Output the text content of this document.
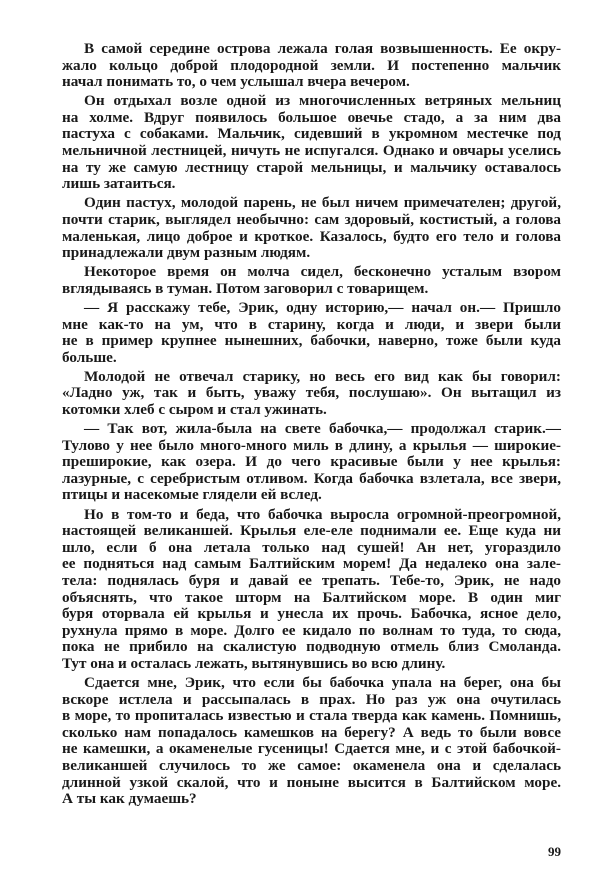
В самой середине острова лежала голая возвышенность. Ее окру-
жало кольцо доброй плодородной земли. И постепенно мальчик
начал понимать то, о чем услышал вчера вечером.
Он отдыхал возле одной из многочисленных ветряных мельниц
на холме. Вдруг появилось большое овечье стадо, а за ним два
пастуха с собаками. Мальчик, сидевший в укромном местечке под
мельничной лестницей, ничуть не испугался. Однако и овчары уселись
на ту же самую лестницу старой мельницы, и мальчику оставалось
лишь затаиться.
Один пастух, молодой парень, не был ничем примечателен; другой,
почти старик, выглядел необычно: сам здоровый, костистый, а голова
маленькая, лицо доброе и кроткое. Казалось, будто его тело и голова
принадлежали двум разным людям.
Некоторое время он молча сидел, бесконечно усталым взором
вглядываясь в туман. Потом заговорил с товарищем.
— Я расскажу тебе, Эрик, одну историю,— начал он.— Пришло
мне как-то на ум, что в старину, когда и люди, и звери были
не в пример крупнее нынешних, бабочки, наверно, тоже были куда
больше.
Молодой не отвечал старику, но весь его вид как бы говорил:
«Ладно уж, так и быть, уважу тебя, послушаю». Он вытащил из
котомки хлеб с сыром и стал ужинать.
— Так вот, жила-была на свете бабочка,— продолжал старик.—
Тулово у нее было много-много миль в длину, а крылья — широкие-
преширокие, как озера. И до чего красивые были у нее крылья:
лазурные, с серебристым отливом. Когда бабочка взлетала, все звери,
птицы и насекомые глядели ей вслед.
Но в том-то и беда, что бабочка выросла огромной-преогромной,
настоящей великаншей. Крылья еле-еле поднимали ее. Еще куда ни
шло, если б она летала только над сушей! Ан нет, угораздило
ее подняться над самым Балтийским морем! Да недалеко она зале-
тела: поднялась буря и давай ее трепать. Тебе-то, Эрик, не надо
объяснять, что такое шторм на Балтийском море. В один миг
буря оторвала ей крылья и унесла их прочь. Бабочка, ясное дело,
рухнула прямо в море. Долго ее кидало по волнам то туда, то сюда,
пока не прибило на скалистую подводную отмель близ Смоланда.
Тут она и осталась лежать, вытянувшись во всю длину.
Сдается мне, Эрик, что если бы бабочка упала на берег, она бы
вскоре истлела и рассыпалась в прах. Но раз уж она очутилась
в море, то пропиталась известью и стала тверда как камень. Помнишь,
сколько нам попадалось камешков на берегу? А ведь то были вовсе
не камешки, а окаменелые гусеницы! Сдается мне, и с этой бабочкой-
великаншей случилось то же самое: окаменела она и сделалась
длинной узкой скалой, что и поныне высится в Балтийском море.
А ты как думаешь?
99
